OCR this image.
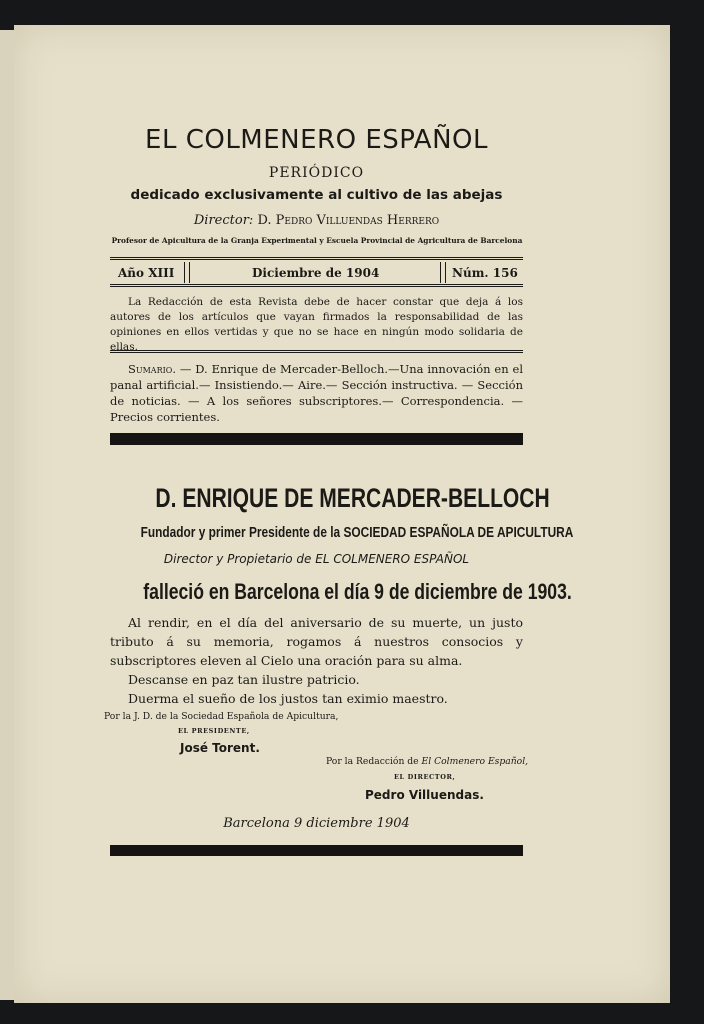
EL COLMENERO ESPAÑOL
PERIÓDICO
dedicado exclusivamente al cultivo de las abejas
Director: D. Pedro Villuendas Herrero
Profesor de Apicultura de la Granja Experimental y Escuela Provincial de Agricultura de Barcelona
Año XIII	Diciembre de 1904	Núm. 156
La Redacción de esta Revista debe de hacer constar que deja á los autores de los artículos que vayan firmados la responsabilidad de las opiniones en ellos vertidas y que no se hace en ningún modo solidaria de ellas.
Sumario. — D. Enrique de Mercader-Belloch.—Una innovación en el panal artificial.— Insistiendo.— Aire.— Sección instructiva. — Sección de noticias. — A los señores subscriptores.— Correspondencia. — Precios corrientes.
D. ENRIQUE DE MERCADER-BELLOCH
Fundador y primer Presidente de la SOCIEDAD ESPAÑOLA DE APICULTURA
Director y Propietario de EL COLMENERO ESPAÑOL
falleció en Barcelona el día 9 de diciembre de 1903.

Al rendir, en el día del aniversario de su muerte, un justo tributo á su memoria, rogamos á nuestros consocios y subscriptores eleven al Cielo una oración para su alma.

Descanse en paz tan ilustre patricio.

Duerma el sueño de los justos tan eximio maestro.

Por la J. D. de la Sociedad Española de Apicultura,
EL PRESIDENTE,
José Torent.
Por la Redacción de El Colmenero Español,
EL DIRECTOR,
Pedro Villuendas.
Barcelona 9 diciembre 1904
